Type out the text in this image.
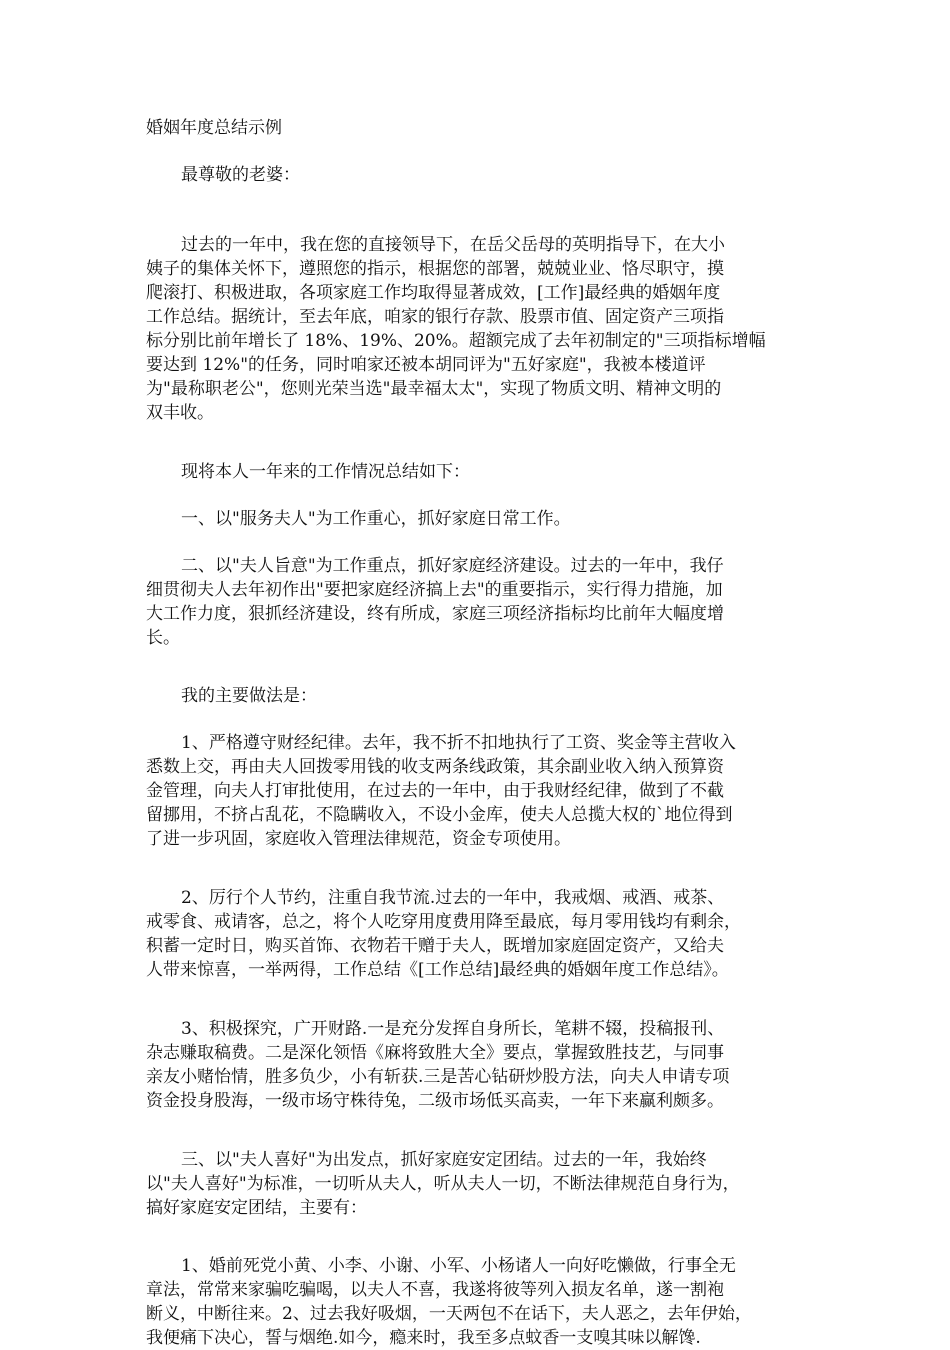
婚姻年度总结示例
最尊敬的老婆：
过去的一年中，我在您的直接领导下，在岳父岳母的英明指导下，在大小
姨子的集体关怀下，遵照您的指示，根据您的部署，兢兢业业、恪尽职守，摸
爬滚打、积极进取，各项家庭工作均取得显著成效，[工作]最经典的婚姻年度
工作总结。据统计，至去年底，咱家的银行存款、股票市值、固定资产三项指
标分别比前年增长了 18%、19%、20%。超额完成了去年初制定的"三项指标增幅
要达到 12%"的任务，同时咱家还被本胡同评为"五好家庭"，我被本楼道评
为"最称职老公"，您则光荣当选"最幸福太太"，实现了物质文明、精神文明的
双丰收。
现将本人一年来的工作情况总结如下：
一、以"服务夫人"为工作重心，抓好家庭日常工作。
二、以"夫人旨意"为工作重点，抓好家庭经济建设。过去的一年中，我仔
细贯彻夫人去年初作出"要把家庭经济搞上去"的重要指示，实行得力措施，加
大工作力度，狠抓经济建设，终有所成，家庭三项经济指标均比前年大幅度增
长。
我的主要做法是：
1、严格遵守财经纪律。去年，我不折不扣地执行了工资、奖金等主营收入
悉数上交，再由夫人回拨零用钱的收支两条线政策，其余副业收入纳入预算资
金管理，向夫人打审批使用，在过去的一年中，由于我财经纪律，做到了不截
留挪用，不挤占乱花，不隐瞒收入，不设小金库，使夫人总揽大权的`地位得到
了进一步巩固，家庭收入管理法律规范，资金专项使用。
2、厉行个人节约，注重自我节流.过去的一年中，我戒烟、戒酒、戒茶、
戒零食、戒请客，总之，将个人吃穿用度费用降至最底，每月零用钱均有剩余，
积蓄一定时日，购买首饰、衣物若干赠于夫人，既增加家庭固定资产，又给夫
人带来惊喜，一举两得，工作总结《[工作总结]最经典的婚姻年度工作总结》。
3、积极探究，广开财路.一是充分发挥自身所长，笔耕不辍，投稿报刊、
杂志赚取稿费。二是深化领悟《麻将致胜大全》要点，掌握致胜技艺，与同事
亲友小赌怡情，胜多负少，小有斩获.三是苦心钻研炒股方法，向夫人申请专项
资金投身股海，一级市场守株待兔，二级市场低买高卖，一年下来赢利颇多。
三、以"夫人喜好"为出发点，抓好家庭安定团结。过去的一年，我始终
以"夫人喜好"为标准，一切听从夫人，听从夫人一切，不断法律规范自身行为，
搞好家庭安定团结，主要有：
1、婚前死党小黄、小李、小谢、小军、小杨诸人一向好吃懒做，行事全无
章法，常常来家骗吃骗喝，以夫人不喜，我遂将彼等列入损友名单，遂一割袍
断义，中断往来。2、过去我好吸烟，一天两包不在话下，夫人恶之，去年伊始，
我便痛下决心，誓与烟绝.如今，瘾来时，我至多点蚊香一支嗅其味以解馋.
